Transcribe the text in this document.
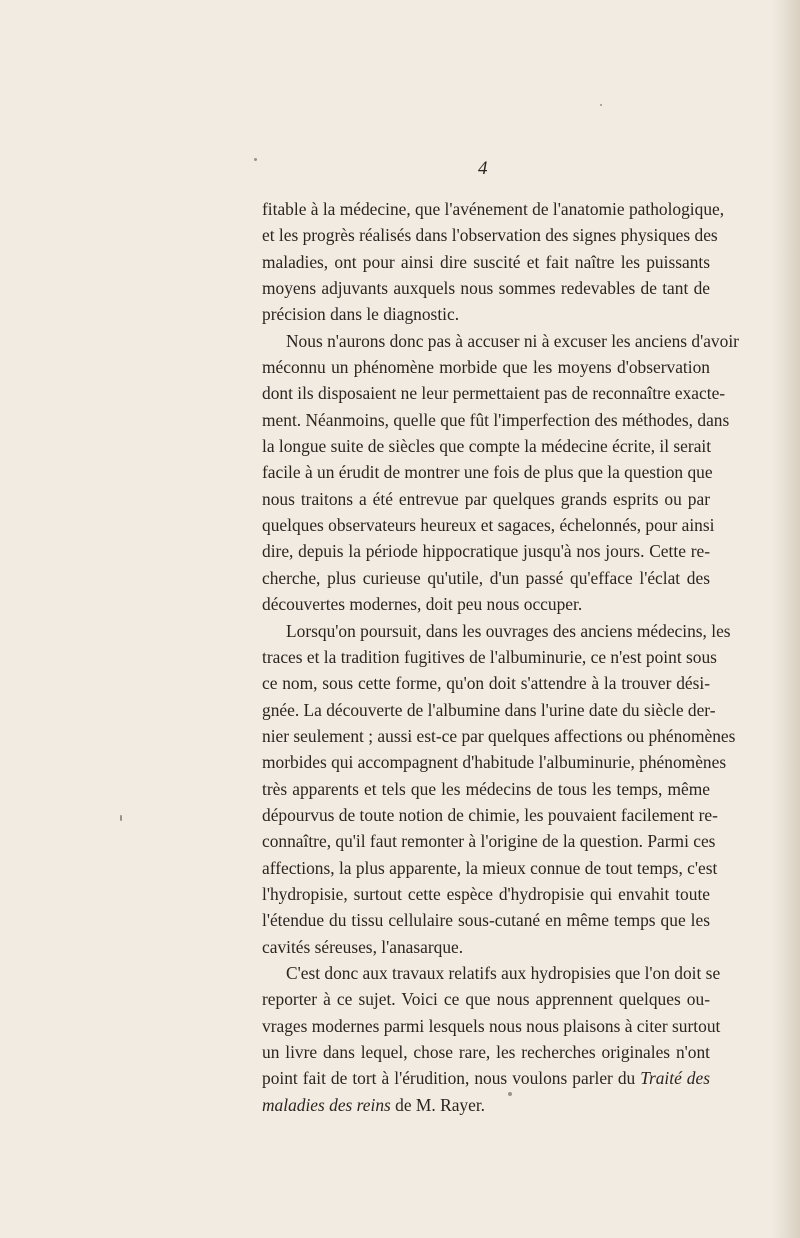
4

fitable à la médecine, que l'avénement de l'anatomie pathologique,
et les progrès réalisés dans l'observation des signes physiques des
maladies, ont pour ainsi dire suscité et fait naître les puissants
moyens adjuvants auxquels nous sommes redevables de tant de
précision dans le diagnostic.

Nous n'aurons donc pas à accuser ni à excuser les anciens d'avoir
méconnu un phénomène morbide que les moyens d'observation
dont ils disposaient ne leur permettaient pas de reconnaître exacte-
ment. Néanmoins, quelle que fût l'imperfection des méthodes, dans
la longue suite de siècles que compte la médecine écrite, il serait
facile à un érudit de montrer une fois de plus que la question que
nous traitons a été entrevue par quelques grands esprits ou par
quelques observateurs heureux et sagaces, échelonnés, pour ainsi
dire, depuis la période hippocratique jusqu'à nos jours. Cette re-
cherche, plus curieuse qu'utile, d'un passé qu'efface l'éclat des
découvertes modernes, doit peu nous occuper.

Lorsqu'on poursuit, dans les ouvrages des anciens médecins, les
traces et la tradition fugitives de l'albuminurie, ce n'est point sous
ce nom, sous cette forme, qu'on doit s'attendre à la trouver dési-
gnée. La découverte de l'albumine dans l'urine date du siècle der-
nier seulement ; aussi est-ce par quelques affections ou phénomènes
morbides qui accompagnent d'habitude l'albuminurie, phénomènes
très apparents et tels que les médecins de tous les temps, même
dépourvus de toute notion de chimie, les pouvaient facilement re-
connaître, qu'il faut remonter à l'origine de la question. Parmi ces
affections, la plus apparente, la mieux connue de tout temps, c'est
l'hydropisie, surtout cette espèce d'hydropisie qui envahit toute
l'étendue du tissu cellulaire sous-cutané en même temps que les
cavités séreuses, l'anasarque.

C'est donc aux travaux relatifs aux hydropisies que l'on doit se
reporter à ce sujet. Voici ce que nous apprennent quelques ou-
vrages modernes parmi lesquels nous nous plaisons à citer surtout
un livre dans lequel, chose rare, les recherches originales n'ont
point fait de tort à l'érudition, nous voulons parler du Traité des
maladies des reins de M. Rayer.
